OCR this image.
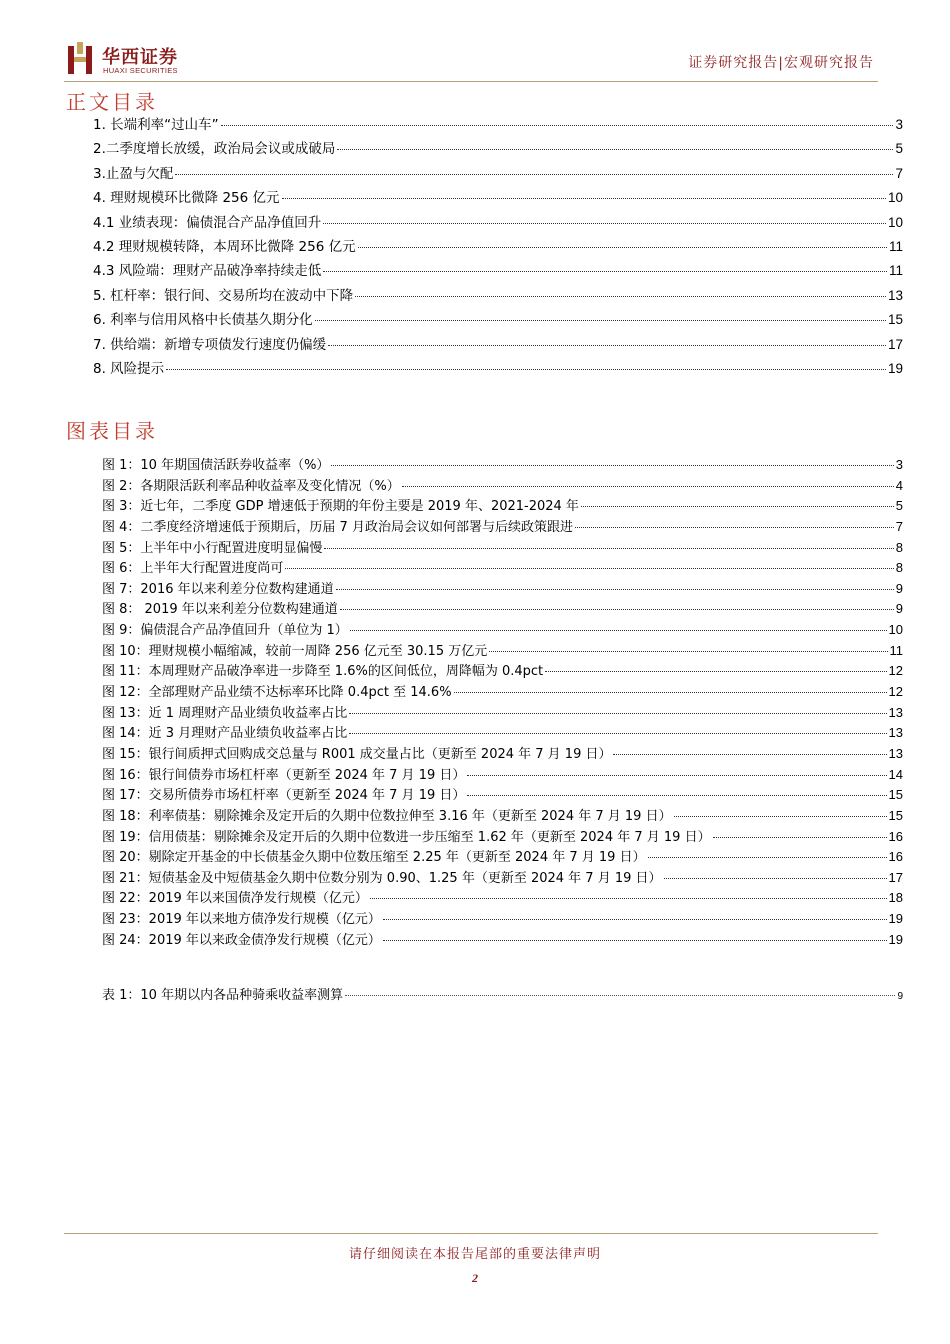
华西证券
HUAXI SECURITIES	证券研究报告|宏观研究报告
正文目录
1. 长端利率“过山车”	3
2.二季度增长放缓，政治局会议或成破局	5
3.止盈与欠配	7
4. 理财规模环比微降 256 亿元	10
4.1 业绩表现：偏债混合产品净值回升	10
4.2 理财规模转降，本周环比微降 256 亿元	11
4.3 风险端：理财产品破净率持续走低	11
5. 杠杆率：银行间、交易所均在波动中下降	13
6. 利率与信用风格中长债基久期分化	15
7. 供给端：新增专项债发行速度仍偏缓	17
8. 风险提示	19
图表目录
图 1：10 年期国债活跃券收益率（%）	3
图 2：各期限活跃利率品种收益率及变化情况（%）	4
图 3：近七年，二季度 GDP 增速低于预期的年份主要是 2019 年、2021-2024 年	5
图 4：二季度经济增速低于预期后，历届 7 月政治局会议如何部署与后续政策跟进	7
图 5：上半年中小行配置进度明显偏慢	8
图 6：上半年大行配置进度尚可	8
图 7：2016 年以来利差分位数构建通道	9
图 8： 2019 年以来利差分位数构建通道	9
图 9：偏债混合产品净值回升（单位为 1）	10
图 10：理财规模小幅缩减，较前一周降 256 亿元至 30.15 万亿元	11
图 11：本周理财产品破净率进一步降至 1.6%的区间低位，周降幅为 0.4pct	12
图 12：全部理财产品业绩不达标率环比降 0.4pct 至 14.6%	12
图 13：近 1 周理财产品业绩负收益率占比	13
图 14：近 3 月理财产品业绩负收益率占比	13
图 15：银行间质押式回购成交总量与 R001 成交量占比（更新至 2024 年 7 月 19 日）	13
图 16：银行间债券市场杠杆率（更新至 2024 年 7 月 19 日）	14
图 17：交易所债券市场杠杆率（更新至 2024 年 7 月 19 日）	15
图 18：利率债基：剔除摊余及定开后的久期中位数拉伸至 3.16 年（更新至 2024 年 7 月 19 日）	15
图 19：信用债基：剔除摊余及定开后的久期中位数进一步压缩至 1.62 年（更新至 2024 年 7 月 19 日）	16
图 20：剔除定开基金的中长债基金久期中位数压缩至 2.25 年（更新至 2024 年 7 月 19 日）	16
图 21：短债基金及中短债基金久期中位数分别为 0.90、1.25 年（更新至 2024 年 7 月 19 日）	17
图 22：2019 年以来国债净发行规模（亿元）	18
图 23：2019 年以来地方债净发行规模（亿元）	19
图 24：2019 年以来政金债净发行规模（亿元）	19
表 1：10 年期以内各品种骑乘收益率测算	9
请仔细阅读在本报告尾部的重要法律声明
2
